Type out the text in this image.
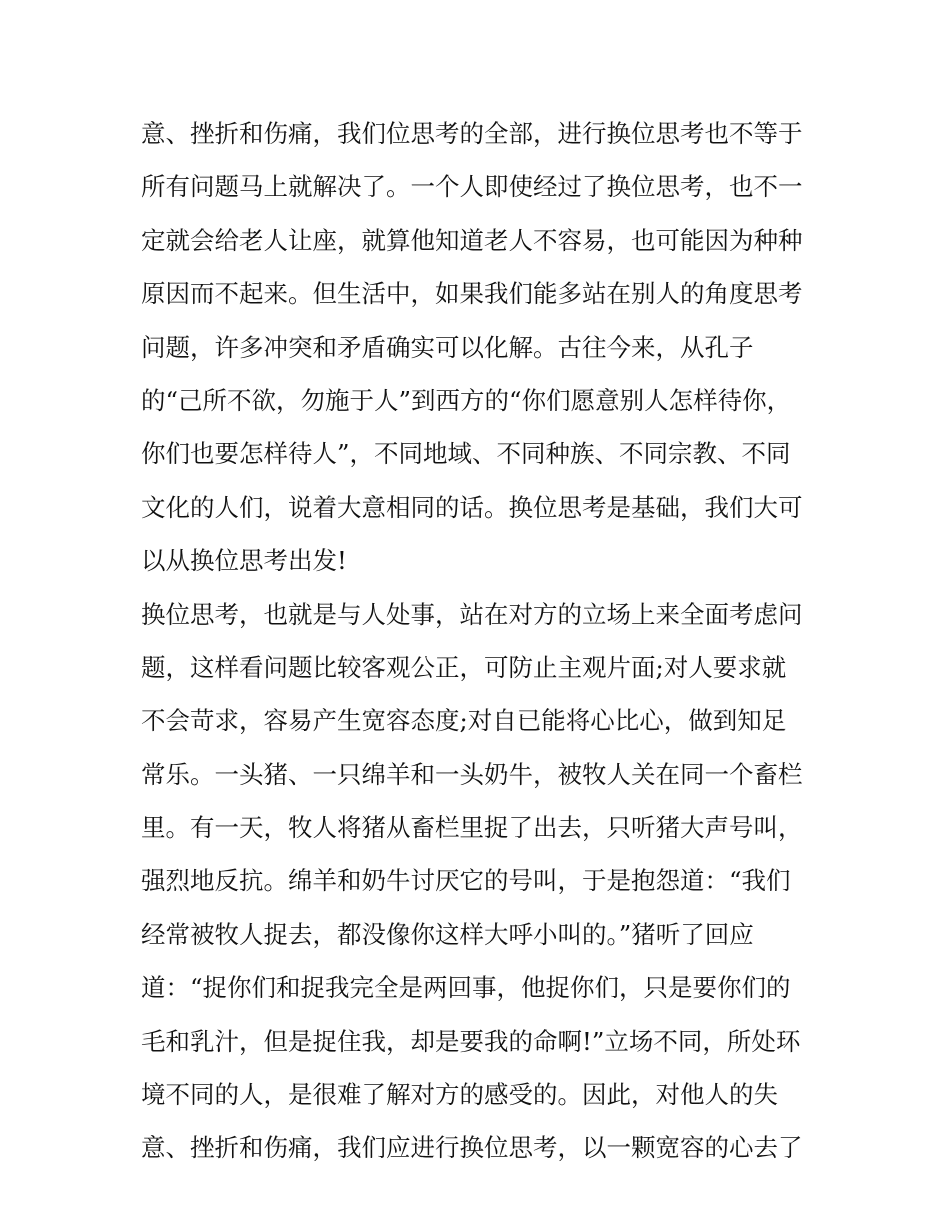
意、挫折和伤痛，我们位思考的全部，进行换位思考也不等于
所有问题马上就解决了。一个人即使经过了换位思考，也不一
定就会给老人让座，就算他知道老人不容易，也可能因为种种
原因而不起来。但生活中，如果我们能多站在别人的角度思考
问题，许多冲突和矛盾确实可以化解。古往今来，从孔子
的“己所不欲，勿施于人”到西方的“你们愿意别人怎样待你，
你们也要怎样待人”，不同地域、不同种族、不同宗教、不同
文化的人们，说着大意相同的话。换位思考是基础，我们大可
以从换位思考出发!
换位思考，也就是与人处事，站在对方的立场上来全面考虑问
题，这样看问题比较客观公正，可防止主观片面;对人要求就
不会苛求，容易产生宽容态度;对自已能将心比心，做到知足
常乐。一头猪、一只绵羊和一头奶牛，被牧人关在同一个畜栏
里。有一天，牧人将猪从畜栏里捉了出去，只听猪大声号叫，
强烈地反抗。绵羊和奶牛讨厌它的号叫，于是抱怨道：“我们
经常被牧人捉去，都没像你这样大呼小叫的。”猪听了回应
道：“捉你们和捉我完全是两回事，他捉你们，只是要你们的
毛和乳汁，但是捉住我，却是要我的命啊!”立场不同，所处环
境不同的人，是很难了解对方的感受的。因此，对他人的失
意、挫折和伤痛，我们应进行换位思考，以一颗宽容的心去了
